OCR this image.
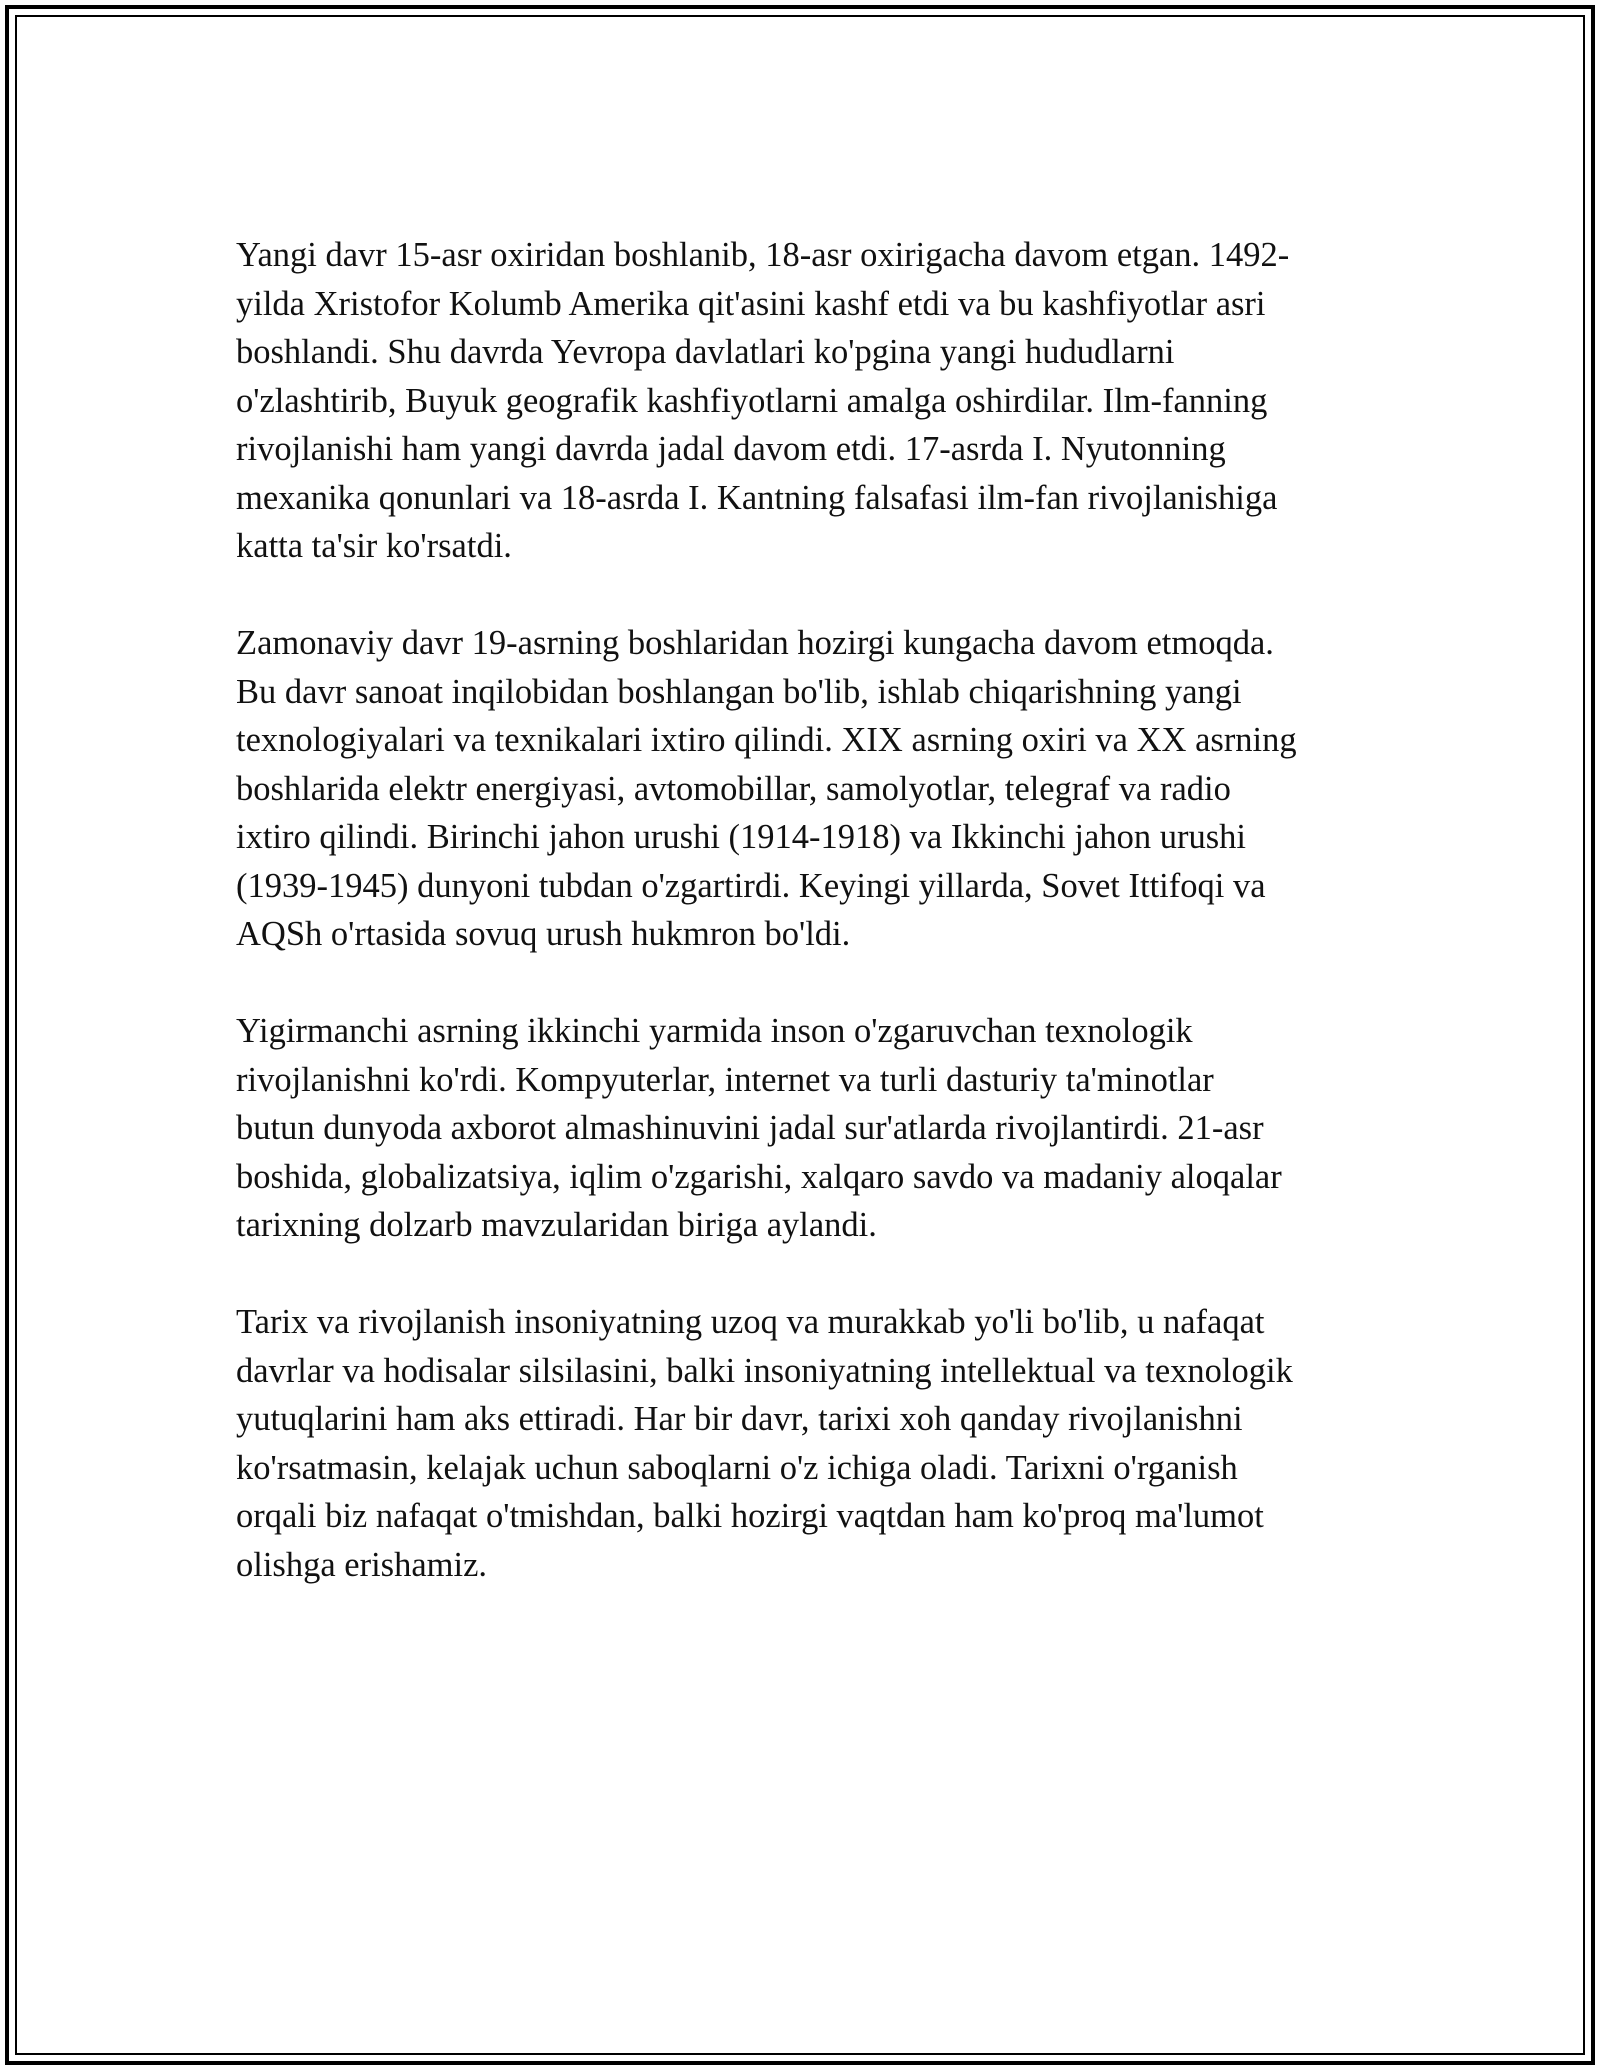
Yangi davr 15-asr oxiridan boshlanib, 18-asr oxirigacha davom etgan. 1492-
yilda Xristofor Kolumb Amerika qit'asini kashf etdi va bu kashfiyotlar asri
boshlandi. Shu davrda Yevropa davlatlari ko'pgina yangi hududlarni
o'zlashtirib, Buyuk geografik kashfiyotlarni amalga oshirdilar. Ilm-fanning
rivojlanishi ham yangi davrda jadal davom etdi. 17-asrda I. Nyutonning
mexanika qonunlari va 18-asrda I. Kantning falsafasi ilm-fan rivojlanishiga
katta ta'sir ko'rsatdi.

Zamonaviy davr 19-asrning boshlaridan hozirgi kungacha davom etmoqda.
Bu davr sanoat inqilobidan boshlangan bo'lib, ishlab chiqarishning yangi
texnologiyalari va texnikalari ixtiro qilindi. XIX asrning oxiri va XX asrning
boshlarida elektr energiyasi, avtomobillar, samolyotlar, telegraf va radio
ixtiro qilindi. Birinchi jahon urushi (1914-1918) va Ikkinchi jahon urushi
(1939-1945) dunyoni tubdan o'zgartirdi. Keyingi yillarda, Sovet Ittifoqi va
AQSh o'rtasida sovuq urush hukmron bo'ldi.

Yigirmanchi asrning ikkinchi yarmida inson o'zgaruvchan texnologik
rivojlanishni ko'rdi. Kompyuterlar, internet va turli dasturiy ta'minotlar
butun dunyoda axborot almashinuvini jadal sur'atlarda rivojlantirdi. 21-asr
boshida, globalizatsiya, iqlim o'zgarishi, xalqaro savdo va madaniy aloqalar
tarixning dolzarb mavzularidan biriga aylandi.

Tarix va rivojlanish insoniyatning uzoq va murakkab yo'li bo'lib, u nafaqat
davrlar va hodisalar silsilasini, balki insoniyatning intellektual va texnologik
yutuqlarini ham aks ettiradi. Har bir davr, tarixi xoh qanday rivojlanishni
ko'rsatmasin, kelajak uchun saboqlarni o'z ichiga oladi. Tarixni o'rganish
orqali biz nafaqat o'tmishdan, balki hozirgi vaqtdan ham ko'proq ma'lumot
olishga erishamiz.
